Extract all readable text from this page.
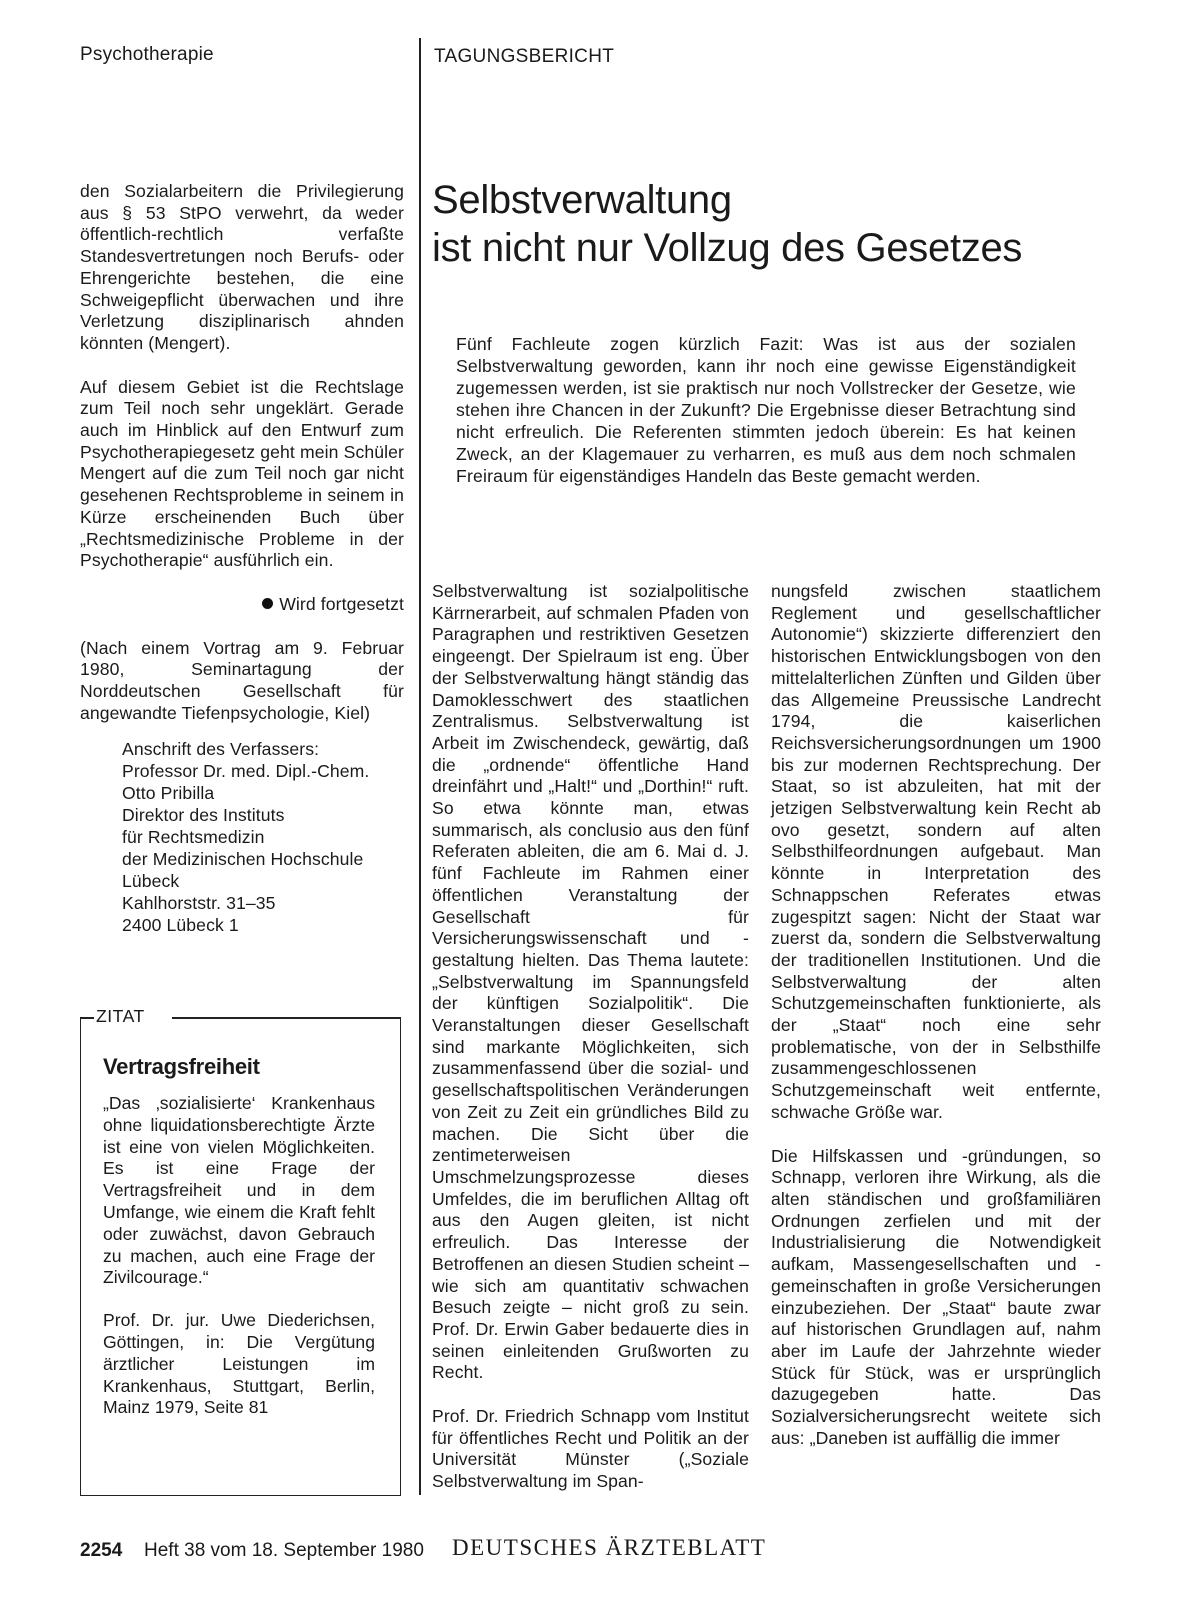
Psychotherapie	TAGUNGSBERICHT
Selbstverwaltung
ist nicht nur Vollzug des Gesetzes
Fünf Fachleute zogen kürzlich Fazit: Was ist aus der sozialen Selbstverwaltung geworden, kann ihr noch eine gewisse Eigenständigkeit zugemessen werden, ist sie praktisch nur noch Vollstrecker der Gesetze, wie stehen ihre Chancen in der Zukunft? Die Ergebnisse dieser Betrachtung sind nicht erfreulich. Die Referenten stimmten jedoch überein: Es hat keinen Zweck, an der Klagemauer zu verharren, es muß aus dem noch schmalen Freiraum für eigenständiges Handeln das Beste gemacht werden.

den Sozialarbeitern die Privilegierung aus § 53 StPO verwehrt, da weder öffentlich-rechtlich verfaßte Standesvertretungen noch Berufs- oder Ehrengerichte bestehen, die eine Schweigepflicht überwachen und ihre Verletzung disziplinarisch ahnden könnten (Mengert).

Auf diesem Gebiet ist die Rechtslage zum Teil noch sehr ungeklärt. Gerade auch im Hinblick auf den Entwurf zum Psychotherapiegesetz geht mein Schüler Mengert auf die zum Teil noch gar nicht gesehenen Rechtsprobleme in seinem in Kürze erscheinenden Buch über „Rechtsmedizinische Probleme in der Psychotherapie“ ausführlich ein.

Wird fortgesetzt

(Nach einem Vortrag am 9. Februar 1980, Seminartagung der Norddeutschen Gesellschaft für angewandte Tiefenpsychologie, Kiel)

Anschrift des Verfassers:
Professor Dr. med. Dipl.-Chem.
Otto Pribilla
Direktor des Instituts
für Rechtsmedizin
der Medizinischen Hochschule
Lübeck
Kahlhorststr. 31–35
2400 Lübeck 1
ZITAT
Vertragsfreiheit

„Das ‚sozialisierte‘ Krankenhaus ohne liquidationsberechtigte Ärzte ist eine von vielen Möglichkeiten. Es ist eine Frage der Vertragsfreiheit und in dem Umfange, wie einem die Kraft fehlt oder zuwächst, davon Gebrauch zu machen, auch eine Frage der Zivilcourage.“

Prof. Dr. jur. Uwe Diederichsen, Göttingen, in: Die Vergütung ärztlicher Leistungen im Krankenhaus, Stuttgart, Berlin, Mainz 1979, Seite 81

Selbstverwaltung ist sozialpolitische Kärrnerarbeit, auf schmalen Pfaden von Paragraphen und restriktiven Gesetzen eingeengt. Der Spielraum ist eng. Über der Selbstverwaltung hängt ständig das Damoklesschwert des staatlichen Zentralismus. Selbstverwaltung ist Arbeit im Zwischendeck, gewärtig, daß die „ordnende“ öffentliche Hand dreinfährt und „Halt!“ und „Dorthin!“ ruft. So etwa könnte man, etwas summarisch, als conclusio aus den fünf Referaten ableiten, die am 6. Mai d. J. fünf Fachleute im Rahmen einer öffentlichen Veranstaltung der Gesellschaft für Versicherungswissenschaft und -gestaltung hielten. Das Thema lautete: „Selbstverwaltung im Spannungsfeld der künftigen Sozialpolitik“. Die Veranstaltungen dieser Gesellschaft sind markante Möglichkeiten, sich zusammenfassend über die sozial- und gesellschaftspolitischen Veränderungen von Zeit zu Zeit ein gründliches Bild zu machen. Die Sicht über die zentimeterweisen Umschmelzungsprozesse dieses Umfeldes, die im beruflichen Alltag oft aus den Augen gleiten, ist nicht erfreulich. Das Interesse der Betroffenen an diesen Studien scheint – wie sich am quantitativ schwachen Besuch zeigte – nicht groß zu sein. Prof. Dr. Erwin Gaber bedauerte dies in seinen einleitenden Grußworten zu Recht.

Prof. Dr. Friedrich Schnapp vom Institut für öffentliches Recht und Politik an der Universität Münster („Soziale Selbstverwaltung im Span-

nungsfeld zwischen staatlichem Reglement und gesellschaftlicher Autonomie“) skizzierte differenziert den historischen Entwicklungsbogen von den mittelalterlichen Zünften und Gilden über das Allgemeine Preussische Landrecht 1794, die kaiserlichen Reichsversicherungsordnungen um 1900 bis zur modernen Rechtsprechung. Der Staat, so ist abzuleiten, hat mit der jetzigen Selbstverwaltung kein Recht ab ovo gesetzt, sondern auf alten Selbsthilfeordnungen aufgebaut. Man könnte in Interpretation des Schnappschen Referates etwas zugespitzt sagen: Nicht der Staat war zuerst da, sondern die Selbstverwaltung der traditionellen Institutionen. Und die Selbstverwaltung der alten Schutzgemeinschaften funktionierte, als der „Staat“ noch eine sehr problematische, von der in Selbsthilfe zusammengeschlossenen Schutzgemeinschaft weit entfernte, schwache Größe war.

Die Hilfskassen und -gründungen, so Schnapp, verloren ihre Wirkung, als die alten ständischen und großfamiliären Ordnungen zerfielen und mit der Industrialisierung die Notwendigkeit aufkam, Massengesellschaften und -gemeinschaften in große Versicherungen einzubeziehen. Der „Staat“ baute zwar auf historischen Grundlagen auf, nahm aber im Laufe der Jahrzehnte wieder Stück für Stück, was er ursprünglich dazugegeben hatte. Das Sozialversicherungsrecht weitete sich aus: „Daneben ist auffällig die immer

2254 Heft 38 vom 18. September 1980 DEUTSCHES ÄRZTEBLATT
